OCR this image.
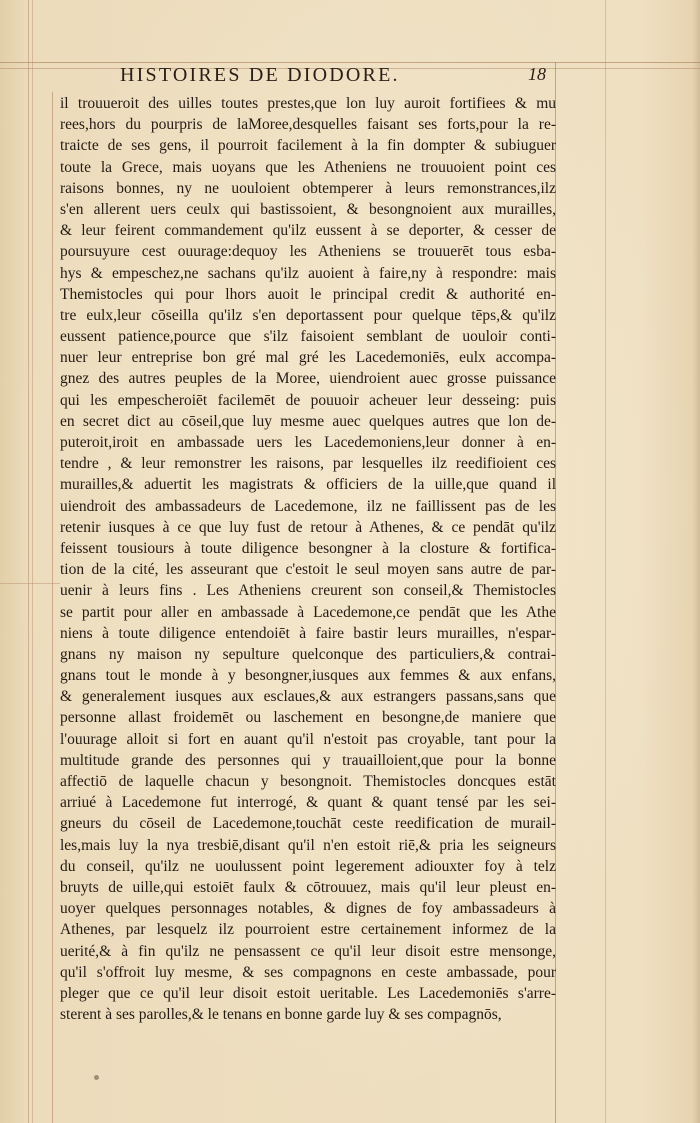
HISTOIRES DE DIODORE.	18
il trouueroit des uilles toutes prestes,que lon luy auroit fortifiees & mu
rees,hors du pourpris de laMoree,desquelles faisant ses forts,pour la re-
traicte de ses gens, il pourroit facilement à la fin dompter & subiuguer
toute la Grece, mais uoyans que les Atheniens ne trouuoient point ces
raisons bonnes, ny ne uouloient obtemperer à leurs remonstrances,ilz
s'en allerent uers ceulx qui bastissoient, & besongnoient aux murailles,
& leur feirent commandement qu'ilz eussent à se deporter, & cesser de
poursuyure cest ouurage:dequoy les Atheniens se trouuerēt tous esba-
hys & empeschez,ne sachans qu'ilz auoient à faire,ny à respondre: mais
Themistocles qui pour lhors auoit le principal credit & authorité en-
tre eulx,leur cōseilla qu'ilz s'en deportassent pour quelque tēps,& qu'ilz
eussent patience,pource que s'ilz faisoient semblant de uouloir conti-
nuer leur entreprise bon gré mal gré les Lacedemoniēs, eulx accompa-
gnez des autres peuples de la Moree, uiendroient auec grosse puissance
qui les empescheroiēt facilemēt de pouuoir acheuer leur desseing: puis
en secret dict au cōseil,que luy mesme auec quelques autres que lon de-
puteroit,iroit en ambassade uers les Lacedemoniens,leur donner à en-
tendre , & leur remonstrer les raisons, par lesquelles ilz reedifioient ces
murailles,& aduertit les magistrats & officiers de la uille,que quand il
uiendroit des ambassadeurs de Lacedemone, ilz ne faillissent pas de les
retenir iusques à ce que luy fust de retour à Athenes, & ce pendāt qu'ilz
feissent tousiours à toute diligence besongner à la closture & fortifica-
tion de la cité, les asseurant que c'estoit le seul moyen sans autre de par-
uenir à leurs fins . Les Atheniens creurent son conseil,& Themistocles
se partit pour aller en ambassade à Lacedemone,ce pendāt que les Athe
niens à toute diligence entendoiēt à faire bastir leurs murailles, n'espar-
gnans ny maison ny sepulture quelconque des particuliers,& contrai-
gnans tout le monde à y besongner,iusques aux femmes & aux enfans,
& generalement iusques aux esclaues,& aux estrangers passans,sans que
personne allast froidemēt ou laschement en besongne,de maniere que
l'ouurage alloit si fort en auant qu'il n'estoit pas croyable, tant pour la
multitude grande des personnes qui y trauailloient,que pour la bonne
affectiō de laquelle chacun y besongnoit. Themistocles doncques estāt
arriué à Lacedemone fut interrogé, & quant & quant tensé par les sei-
gneurs du cōseil de Lacedemone,touchāt ceste reedification de murail-
les,mais luy la nya tresbiē,disant qu'il n'en estoit riē,& pria les seigneurs
du conseil, qu'ilz ne uoulussent point legerement adiouxter foy à telz
bruyts de uille,qui estoiēt faulx & cōtrouuez, mais qu'il leur pleust en-
uoyer quelques personnages notables, & dignes de foy ambassadeurs à
Athenes, par lesquelz ilz pourroient estre certainement informez de la
uerité,& à fin qu'ilz ne pensassent ce qu'il leur disoit estre mensonge,
qu'il s'offroit luy mesme, & ses compagnons en ceste ambassade, pour
pleger que ce qu'il leur disoit estoit ueritable. Les Lacedemoniēs s'arre-
sterent à ses parolles,& le tenans en bonne garde luy & ses compagnōs,
